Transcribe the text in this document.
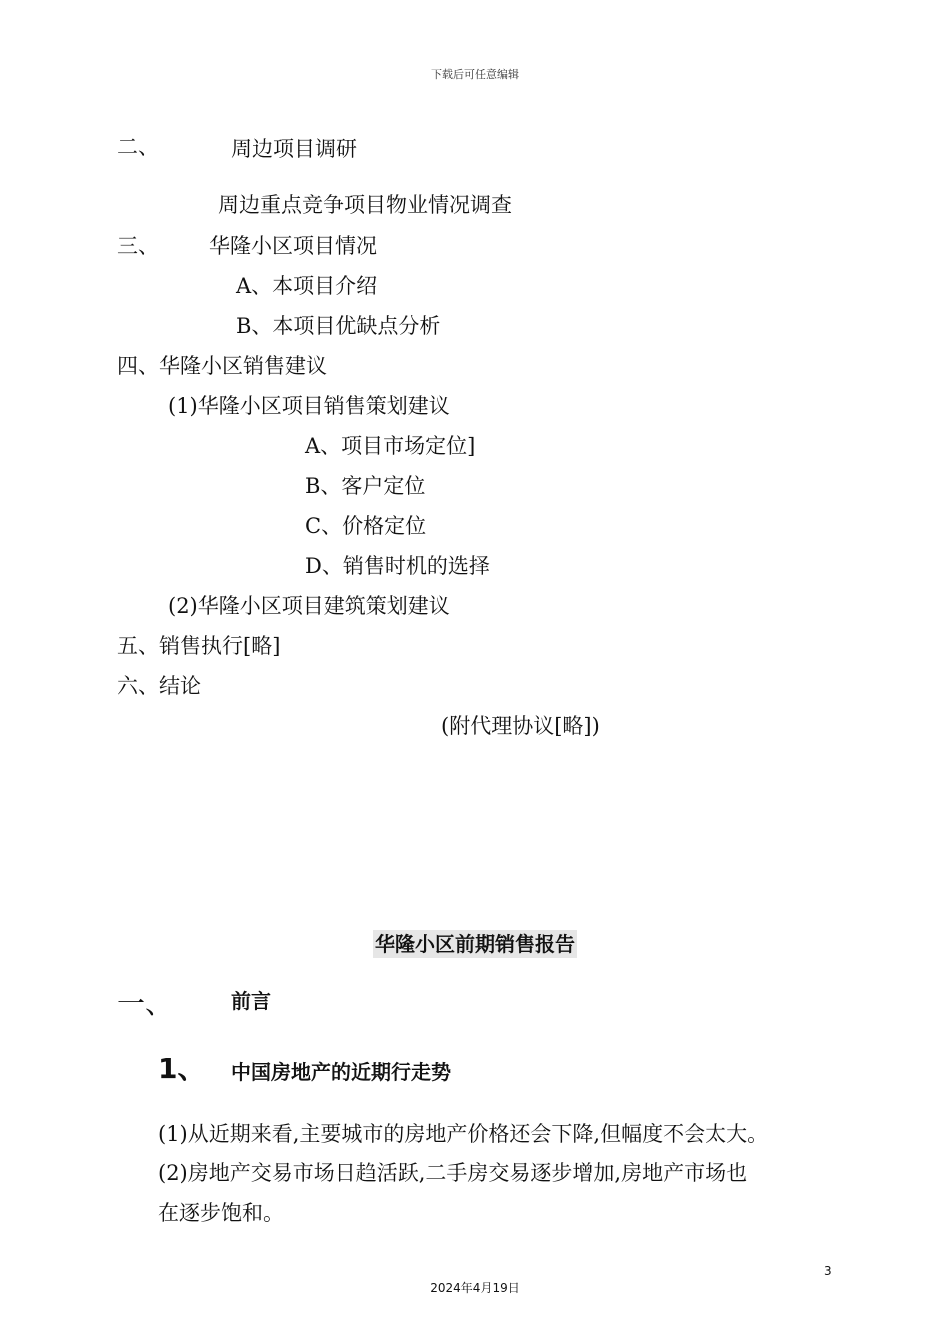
下载后可任意编辑
二、	周边项目调研
周边重点竞争项目物业情况调查
三、 华隆小区项目情况
A、本项目介绍
B、本项目优缺点分析
四、华隆小区销售建议
(1)华隆小区项目销售策划建议
A、项目市场定位]
B、客户定位
C、价格定位
D、销售时机的选择
(2)华隆小区项目建筑策划建议
五、销售执行[略]
六、结论
(附代理协议[略])
华隆小区前期销售报告
一、	前言
1、 中国房地产的近期行走势
(1)从近期来看,主要城市的房地产价格还会下降,但幅度不会太大。
(2)房地产交易市场日趋活跃,二手房交易逐步增加,房地产市场也
在逐步饱和。
3
2024年4月19日
